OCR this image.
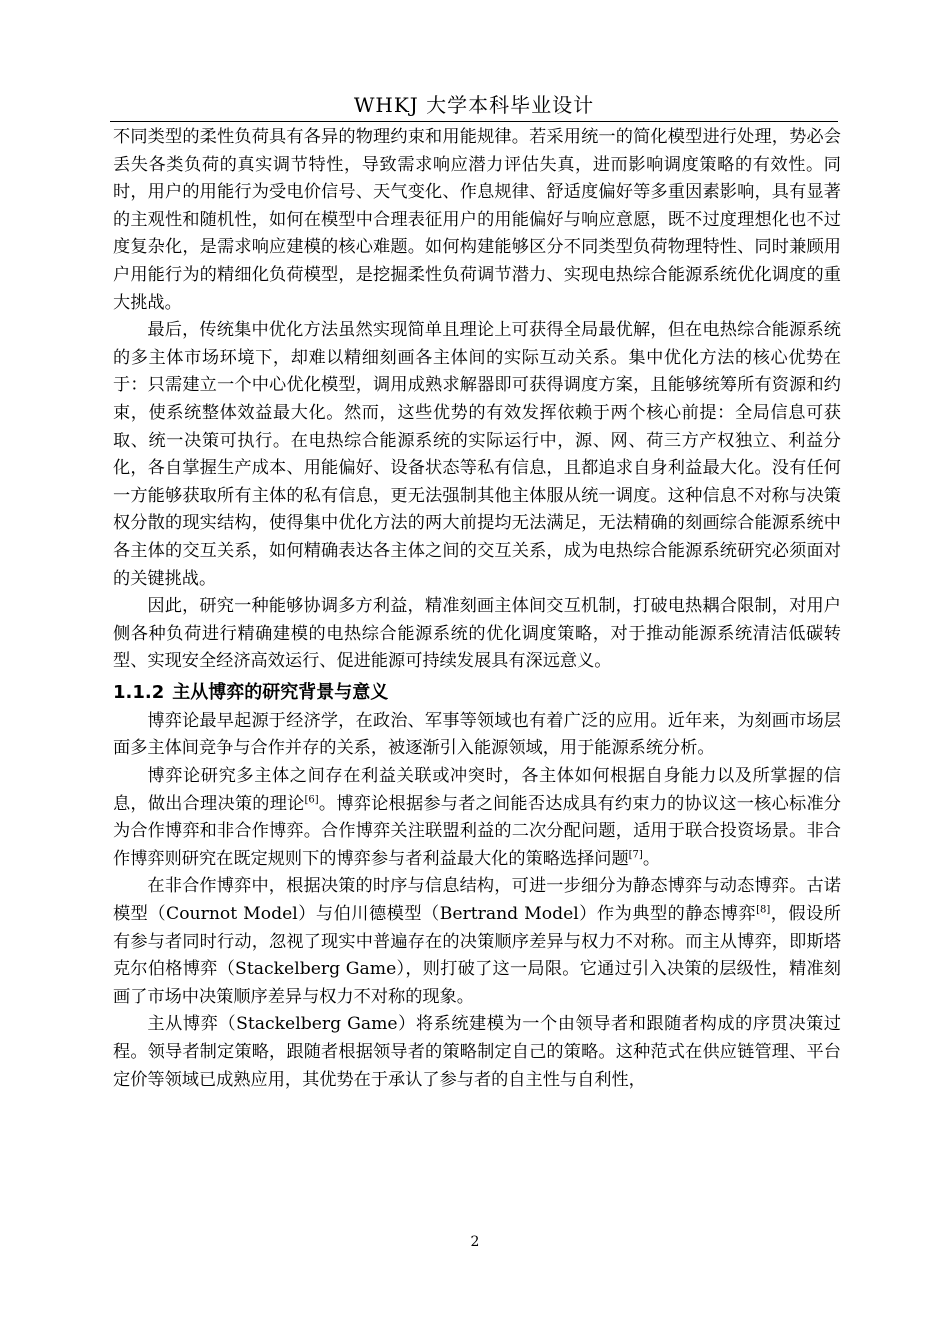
WHKJ 大学本科毕业设计

不同类型的柔性负荷具有各异的物理约束和用能规律。若采用统一的简化模型进行处理，势必会丢失各类负荷的真实调节特性，导致需求响应潜力评估失真，进而影响调度策略的有效性。同时，用户的用能行为受电价信号、天气变化、作息规律、舒适度偏好等多重因素影响，具有显著的主观性和随机性，如何在模型中合理表征用户的用能偏好与响应意愿，既不过度理想化也不过度复杂化，是需求响应建模的核心难题。如何构建能够区分不同类型负荷物理特性、同时兼顾用户用能行为的精细化负荷模型，是挖掘柔性负荷调节潜力、实现电热综合能源系统优化调度的重大挑战。

最后，传统集中优化方法虽然实现简单且理论上可获得全局最优解，但在电热综合能源系统的多主体市场环境下，却难以精细刻画各主体间的实际互动关系。集中优化方法的核心优势在于：只需建立一个中心优化模型，调用成熟求解器即可获得调度方案，且能够统筹所有资源和约束，使系统整体效益最大化。然而，这些优势的有效发挥依赖于两个核心前提：全局信息可获取、统一决策可执行。在电热综合能源系统的实际运行中，源、网、荷三方产权独立、利益分化，各自掌握生产成本、用能偏好、设备状态等私有信息，且都追求自身利益最大化。没有任何一方能够获取所有主体的私有信息，更无法强制其他主体服从统一调度。这种信息不对称与决策权分散的现实结构，使得集中优化方法的两大前提均无法满足，无法精确的刻画综合能源系统中各主体的交互关系，如何精确表达各主体之间的交互关系，成为电热综合能源系统研究必须面对的关键挑战。

因此，研究一种能够协调多方利益，精准刻画主体间交互机制，打破电热耦合限制，对用户侧各种负荷进行精确建模的电热综合能源系统的优化调度策略，对于推动能源系统清洁低碳转型、实现安全经济高效运行、促进能源可持续发展具有深远意义。

1.1.2 主从博弈的研究背景与意义

博弈论最早起源于经济学，在政治、军事等领域也有着广泛的应用。近年来，为刻画市场层面多主体间竞争与合作并存的关系，被逐渐引入能源领域，用于能源系统分析。

博弈论研究多主体之间存在利益关联或冲突时，各主体如何根据自身能力以及所掌握的信息，做出合理决策的理论[6]。博弈论根据参与者之间能否达成具有约束力的协议这一核心标准分为合作博弈和非合作博弈。合作博弈关注联盟利益的二次分配问题，适用于联合投资场景。非合作博弈则研究在既定规则下的博弈参与者利益最大化的策略选择问题[7]。

在非合作博弈中，根据决策的时序与信息结构，可进一步细分为静态博弈与动态博弈。古诺模型（Cournot Model）与伯川德模型（Bertrand Model）作为典型的静态博弈[8]，假设所有参与者同时行动，忽视了现实中普遍存在的决策顺序差异与权力不对称。而主从博弈，即斯塔克尔伯格博弈（Stackelberg Game），则打破了这一局限。它通过引入决策的层级性，精准刻画了市场中决策顺序差异与权力不对称的现象。

主从博弈（Stackelberg Game）将系统建模为一个由领导者和跟随者构成的序贯决策过程。领导者制定策略，跟随者根据领导者的策略制定自己的策略。这种范式在供应链管理、平台定价等领域已成熟应用，其优势在于承认了参与者的自主性与自利性，

2
